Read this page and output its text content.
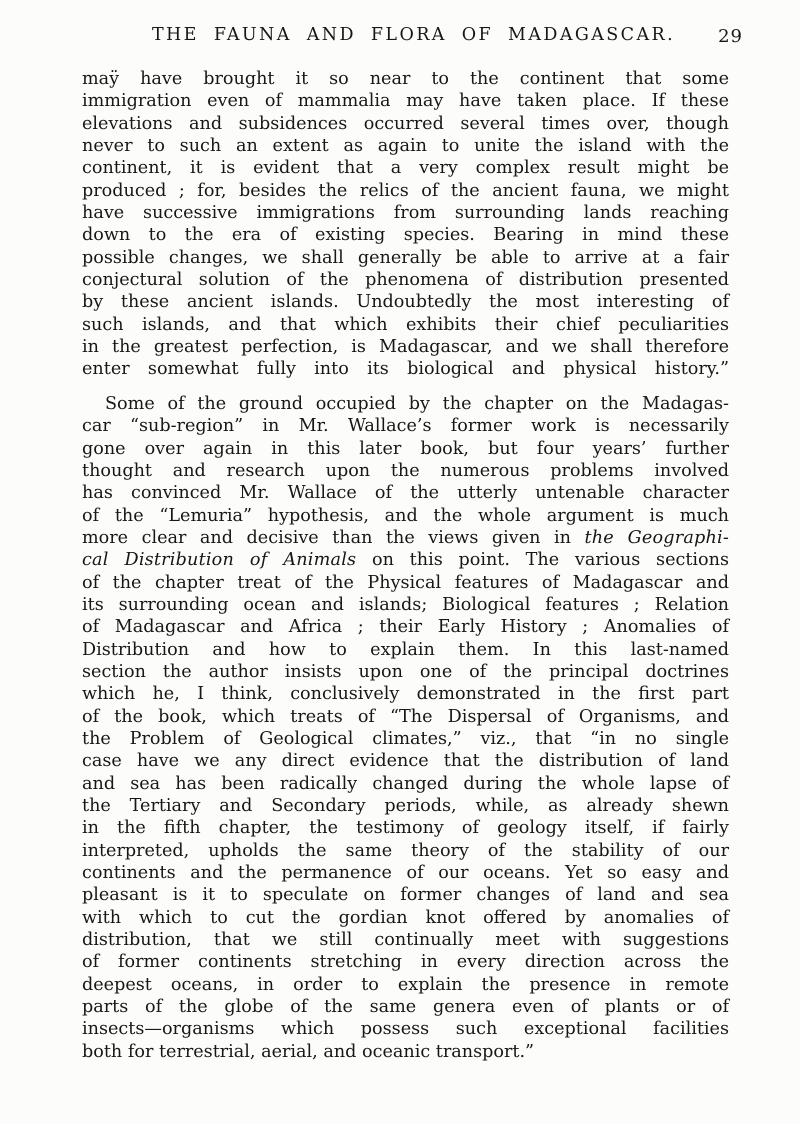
THE FAUNA AND FLORA OF MADAGASCAR.	29
maÿ have brought it so near to the continent that some
immigration even of mammalia may have taken place. If these
elevations and subsidences occurred several times over, though
never to such an extent as again to unite the island with the
continent, it is evident that a very complex result might be
produced ; for, besides the relics of the ancient fauna, we might
have successive immigrations from surrounding lands reaching
down to the era of existing species. Bearing in mind these
possible changes, we shall generally be able to arrive at a fair
conjectural solution of the phenomena of distribution presented
by these ancient islands. Undoubtedly the most interesting of
such islands, and that which exhibits their chief peculiarities
in the greatest perfection, is Madagascar, and we shall therefore
enter somewhat fully into its biological and physical history.”
Some of the ground occupied by the chapter on the Madagas-
car “sub-region” in Mr. Wallace’s former work is necessarily
gone over again in this later book, but four years’ further
thought and research upon the numerous problems involved
has convinced Mr. Wallace of the utterly untenable character
of the “Lemuria” hypothesis, and the whole argument is much
more clear and decisive than the views given in the Geographi-
cal Distribution of Animals on this point. The various sections
of the chapter treat of the Physical features of Madagascar and
its surrounding ocean and islands; Biological features ; Relation
of Madagascar and Africa ; their Early History ; Anomalies of
Distribution and how to explain them. In this last-named
section the author insists upon one of the principal doctrines
which he, I think, conclusively demonstrated in the first part
of the book, which treats of “The Dispersal of Organisms, and
the Problem of Geological climates,” viz., that “in no single
case have we any direct evidence that the distribution of land
and sea has been radically changed during the whole lapse of
the Tertiary and Secondary periods, while, as already shewn
in the fifth chapter, the testimony of geology itself, if fairly
interpreted, upholds the same theory of the stability of our
continents and the permanence of our oceans. Yet so easy and
pleasant is it to speculate on former changes of land and sea
with which to cut the gordian knot offered by anomalies of
distribution, that we still continually meet with suggestions
of former continents stretching in every direction across the
deepest oceans, in order to explain the presence in remote
parts of the globe of the same genera even of plants or of
insects—organisms which possess such exceptional facilities
both for terrestrial, aerial, and oceanic transport.”
